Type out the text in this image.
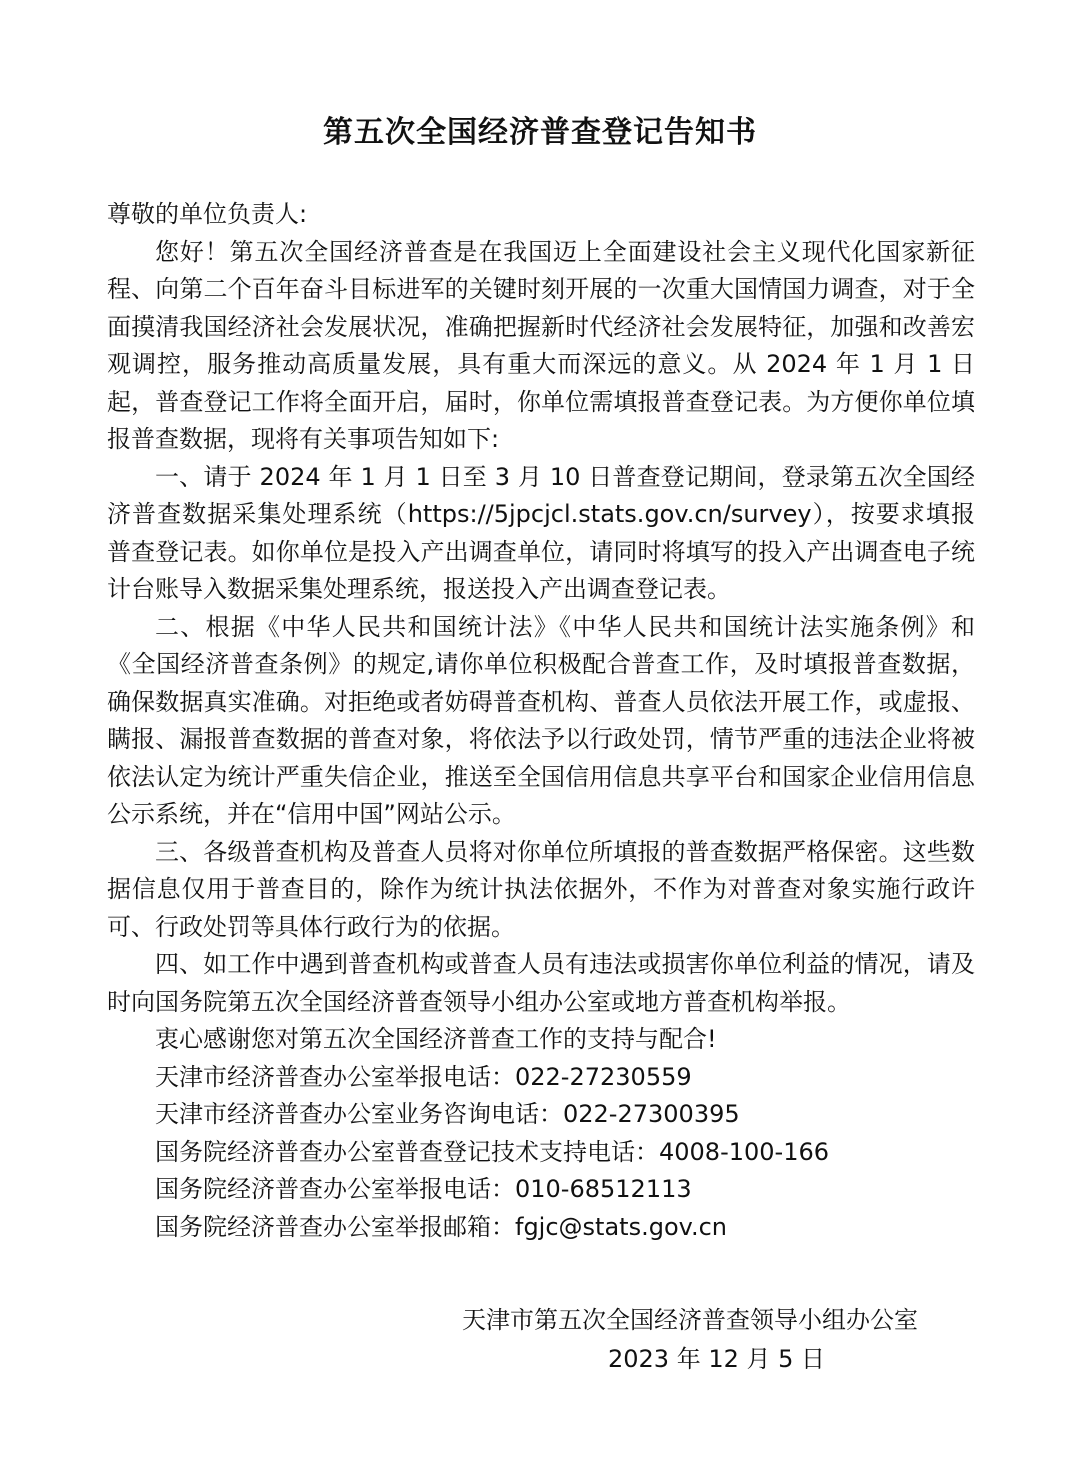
第五次全国经济普查登记告知书

尊敬的单位负责人:

您好！第五次全国经济普查是在我国迈上全面建设社会主义现代化国家新征程、向第二个百年奋斗目标进军的关键时刻开展的一次重大国情国力调查，对于全面摸清我国经济社会发展状况，准确把握新时代经济社会发展特征，加强和改善宏观调控，服务推动高质量发展，具有重大而深远的意义。从 2024 年 1 月 1 日起，普查登记工作将全面开启，届时，你单位需填报普查登记表。为方便你单位填报普查数据，现将有关事项告知如下:

一、请于 2024 年 1 月 1 日至 3 月 10 日普查登记期间，登录第五次全国经济普查数据采集处理系统（https://5jpcjcl.stats.gov.cn/survey），按要求填报普查登记表。如你单位是投入产出调查单位，请同时将填写的投入产出调查电子统计台账导入数据采集处理系统，报送投入产出调查登记表。

二、根据《中华人民共和国统计法》《中华人民共和国统计法实施条例》和《全国经济普查条例》的规定,请你单位积极配合普查工作，及时填报普查数据，确保数据真实准确。对拒绝或者妨碍普查机构、普查人员依法开展工作，或虚报、瞒报、漏报普查数据的普查对象，将依法予以行政处罚，情节严重的违法企业将被依法认定为统计严重失信企业，推送至全国信用信息共享平台和国家企业信用信息公示系统，并在“信用中国”网站公示。

三、各级普查机构及普查人员将对你单位所填报的普查数据严格保密。这些数据信息仅用于普查目的，除作为统计执法依据外，不作为对普查对象实施行政许可、行政处罚等具体行政行为的依据。

四、如工作中遇到普查机构或普查人员有违法或损害你单位利益的情况，请及时向国务院第五次全国经济普查领导小组办公室或地方普查机构举报。

衷心感谢您对第五次全国经济普查工作的支持与配合!

天津市经济普查办公室举报电话：022-27230559

天津市经济普查办公室业务咨询电话：022-27300395

国务院经济普查办公室普查登记技术支持电话：4008-100-166

国务院经济普查办公室举报电话：010-68512113

国务院经济普查办公室举报邮箱：fgjc@stats.gov.cn

天津市第五次全国经济普查领导小组办公室
2023 年 12 月 5 日
